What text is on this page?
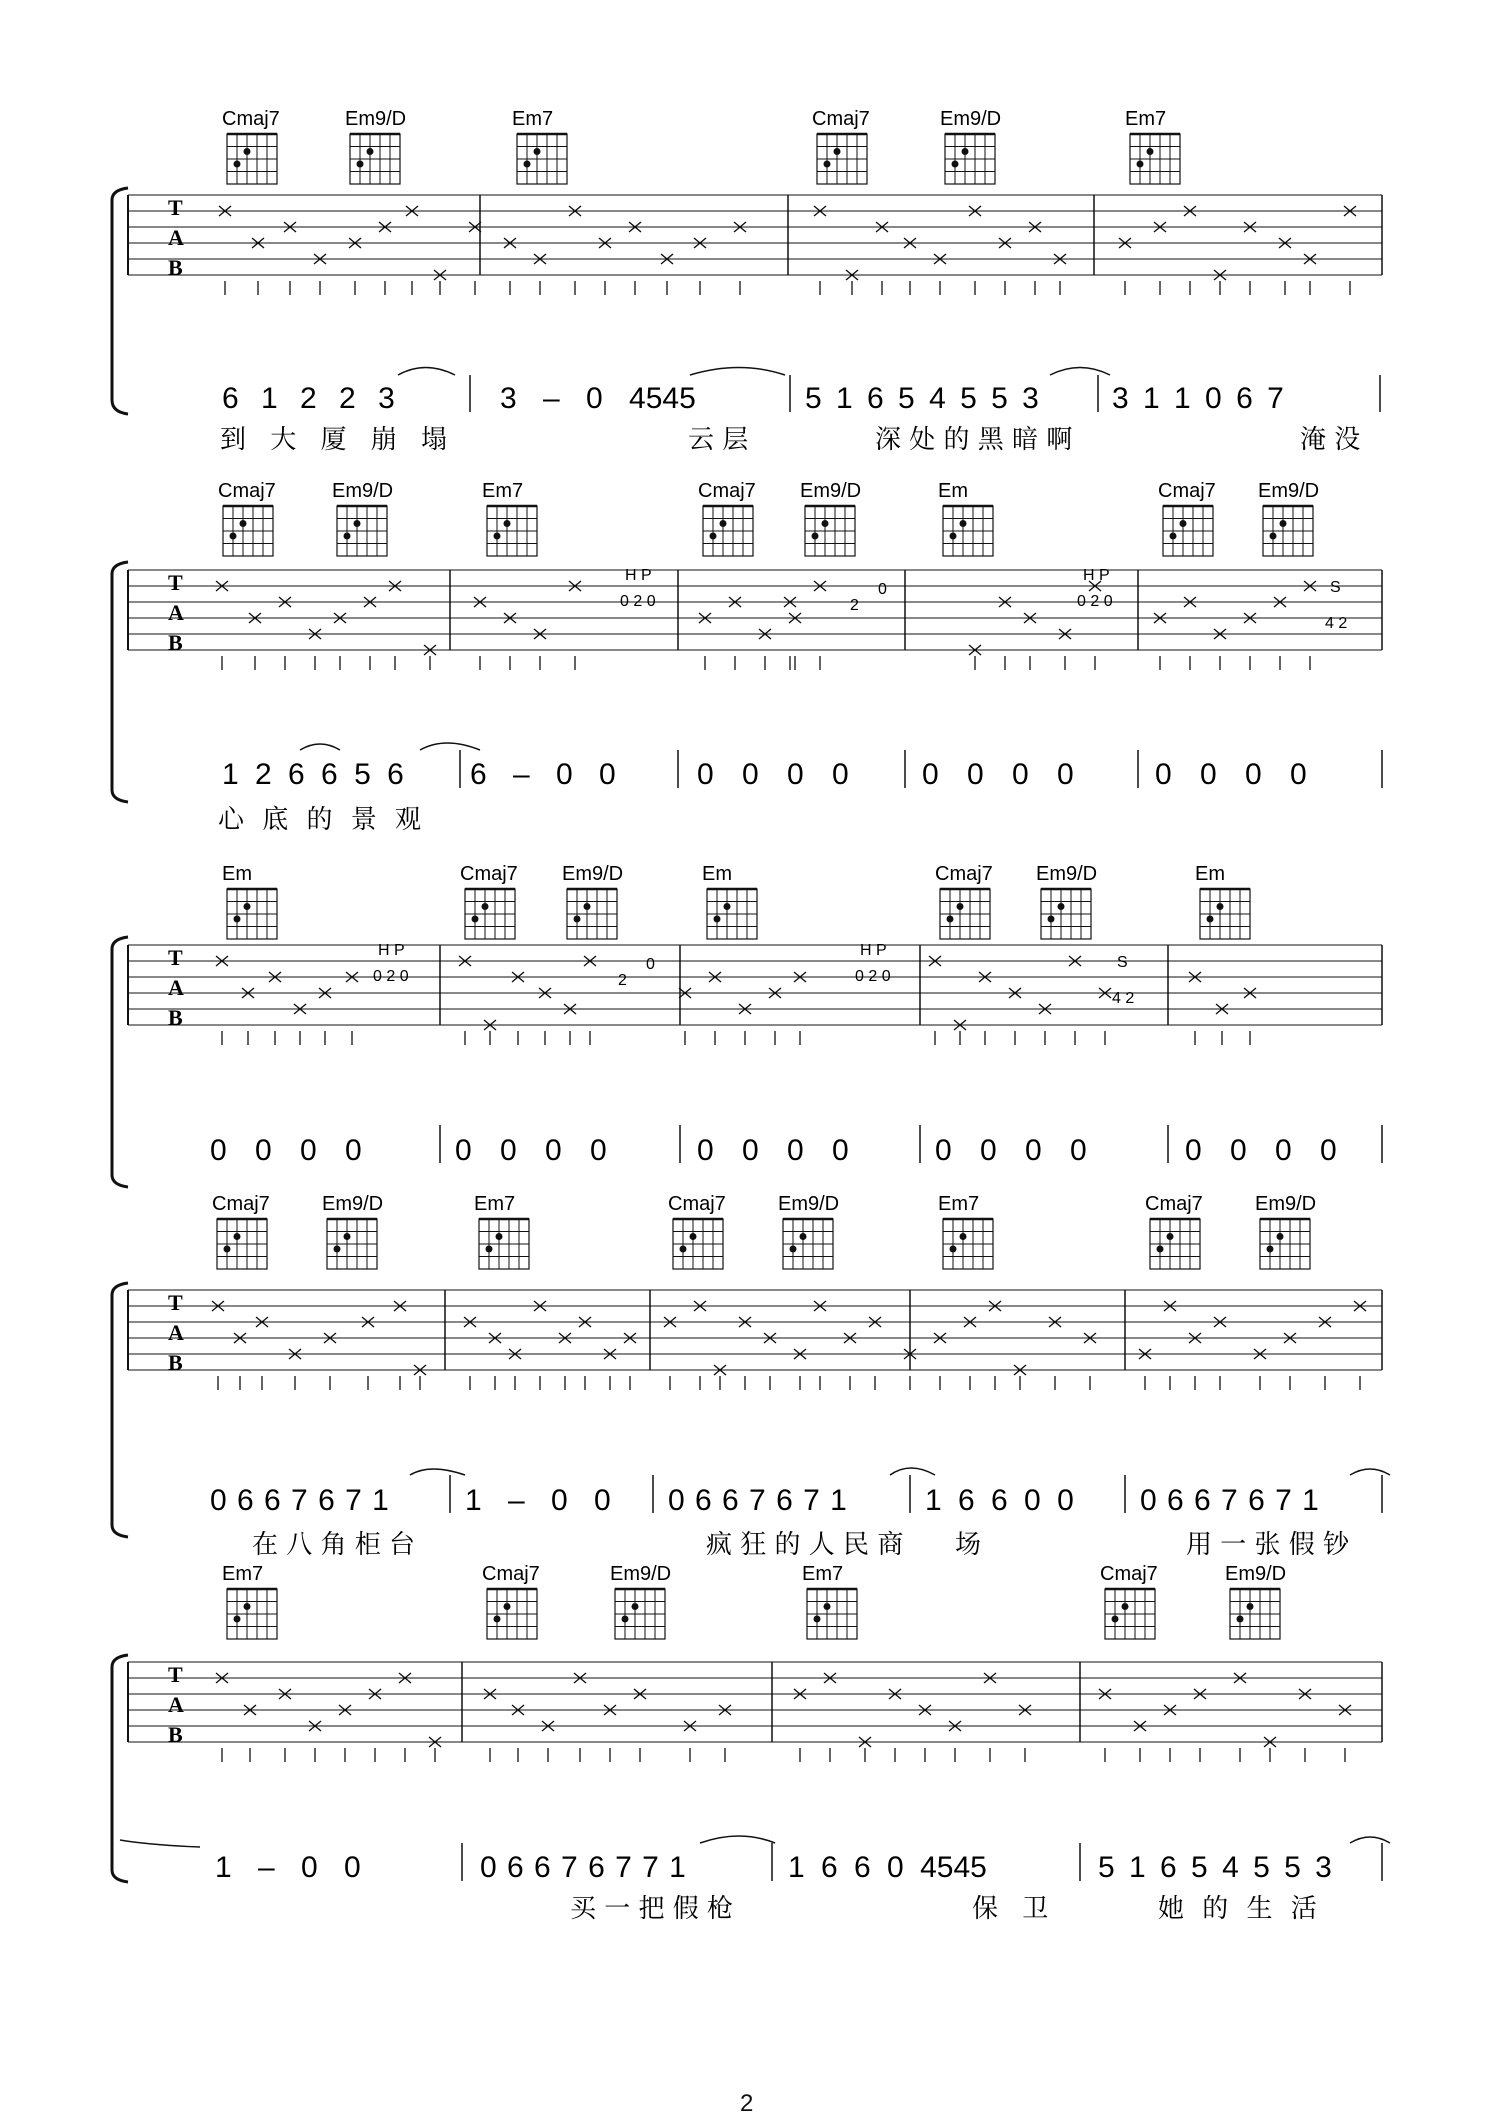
Cmaj7	Em9/D	Em7	Cmaj7	Em9/D	Em7
T
A
B
6 1 2 2 3	3 – 0 4545	5 1 6 5 4 5 5 3 3 1 1 0 6 7
到 大 厦 崩 塌	云 层	深 处 的 黑 暗 啊	淹 没
Cmaj7	Em9/D	Em7	Cmaj7 Em9/D	Em	Cmaj7 Em9/D
T
A
B
H P
0 2 0	2
0
H P
0 2 0
S
4 2
1 2 6 6 5 6 6 – 0 0	0 0 0 0 0 0 0 0	0 0 0 0
心 底 的 景 观
Em	Cmaj7 Em9/D	Em	Cmaj7 Em9/D	Em
T
A
B
H P
0 2 0	2
0
H P
0 2 0
S
4 2
0 0 0 0	0 0 0 0	0 0 0 0	0 0 0 0	0 0 0 0
Cmaj7	Em9/D	Em7	Cmaj7	Em9/D	Em7	Cmaj7	Em9/D
T
A
B
0 6 6 7 6 7 1	1 – 0 0 0 6 6 7 6 7 1	1 6 6 0 0 0 6 6 7 6 7 1
在 八 角 柜 台	疯 狂 的 人 民 商 场	用 一 张 假 钞
Em7	Cmaj7	Em9/D	Em7	Cmaj7	Em9/D
T
A
B
1 – 0 0	0 6 6 7 6 7 7 1	1 6 6 0 4545	5 1 6 5 4 5 5 3
买 一 把 假 枪	保 卫	她 的 生 活
2
